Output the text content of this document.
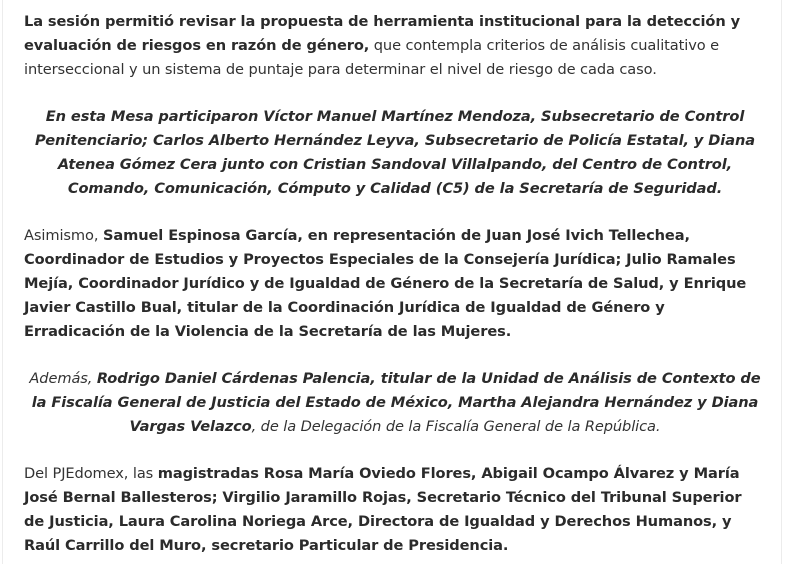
La sesión permitió revisar la propuesta de herramienta institucional para la detección y evaluación de riesgos en razón de género, que contempla criterios de análisis cualitativo e interseccional y un sistema de puntaje para determinar el nivel de riesgo de cada caso.

En esta Mesa participaron Víctor Manuel Martínez Mendoza, Subsecretario de Control Penitenciario; Carlos Alberto Hernández Leyva, Subsecretario de Policía Estatal, y Diana Atenea Gómez Cera junto con Cristian Sandoval Villalpando, del Centro de Control, Comando, Comunicación, Cómputo y Calidad (C5) de la Secretaría de Seguridad.

Asimismo, Samuel Espinosa García, en representación de Juan José Ivich Tellechea, Coordinador de Estudios y Proyectos Especiales de la Consejería Jurídica; Julio Ramales Mejía, Coordinador Jurídico y de Igualdad de Género de la Secretaría de Salud, y Enrique Javier Castillo Bual, titular de la Coordinación Jurídica de Igualdad de Género y Erradicación de la Violencia de la Secretaría de las Mujeres.

Además, Rodrigo Daniel Cárdenas Palencia, titular de la Unidad de Análisis de Contexto de la Fiscalía General de Justicia del Estado de México, Martha Alejandra Hernández y Diana Vargas Velazco, de la Delegación de la Fiscalía General de la República.

Del PJEdomex, las magistradas Rosa María Oviedo Flores, Abigail Ocampo Álvarez y María José Bernal Ballesteros; Virgilio Jaramillo Rojas, Secretario Técnico del Tribunal Superior de Justicia, Laura Carolina Noriega Arce, Directora de Igualdad y Derechos Humanos, y Raúl Carrillo del Muro, secretario Particular de Presidencia.
